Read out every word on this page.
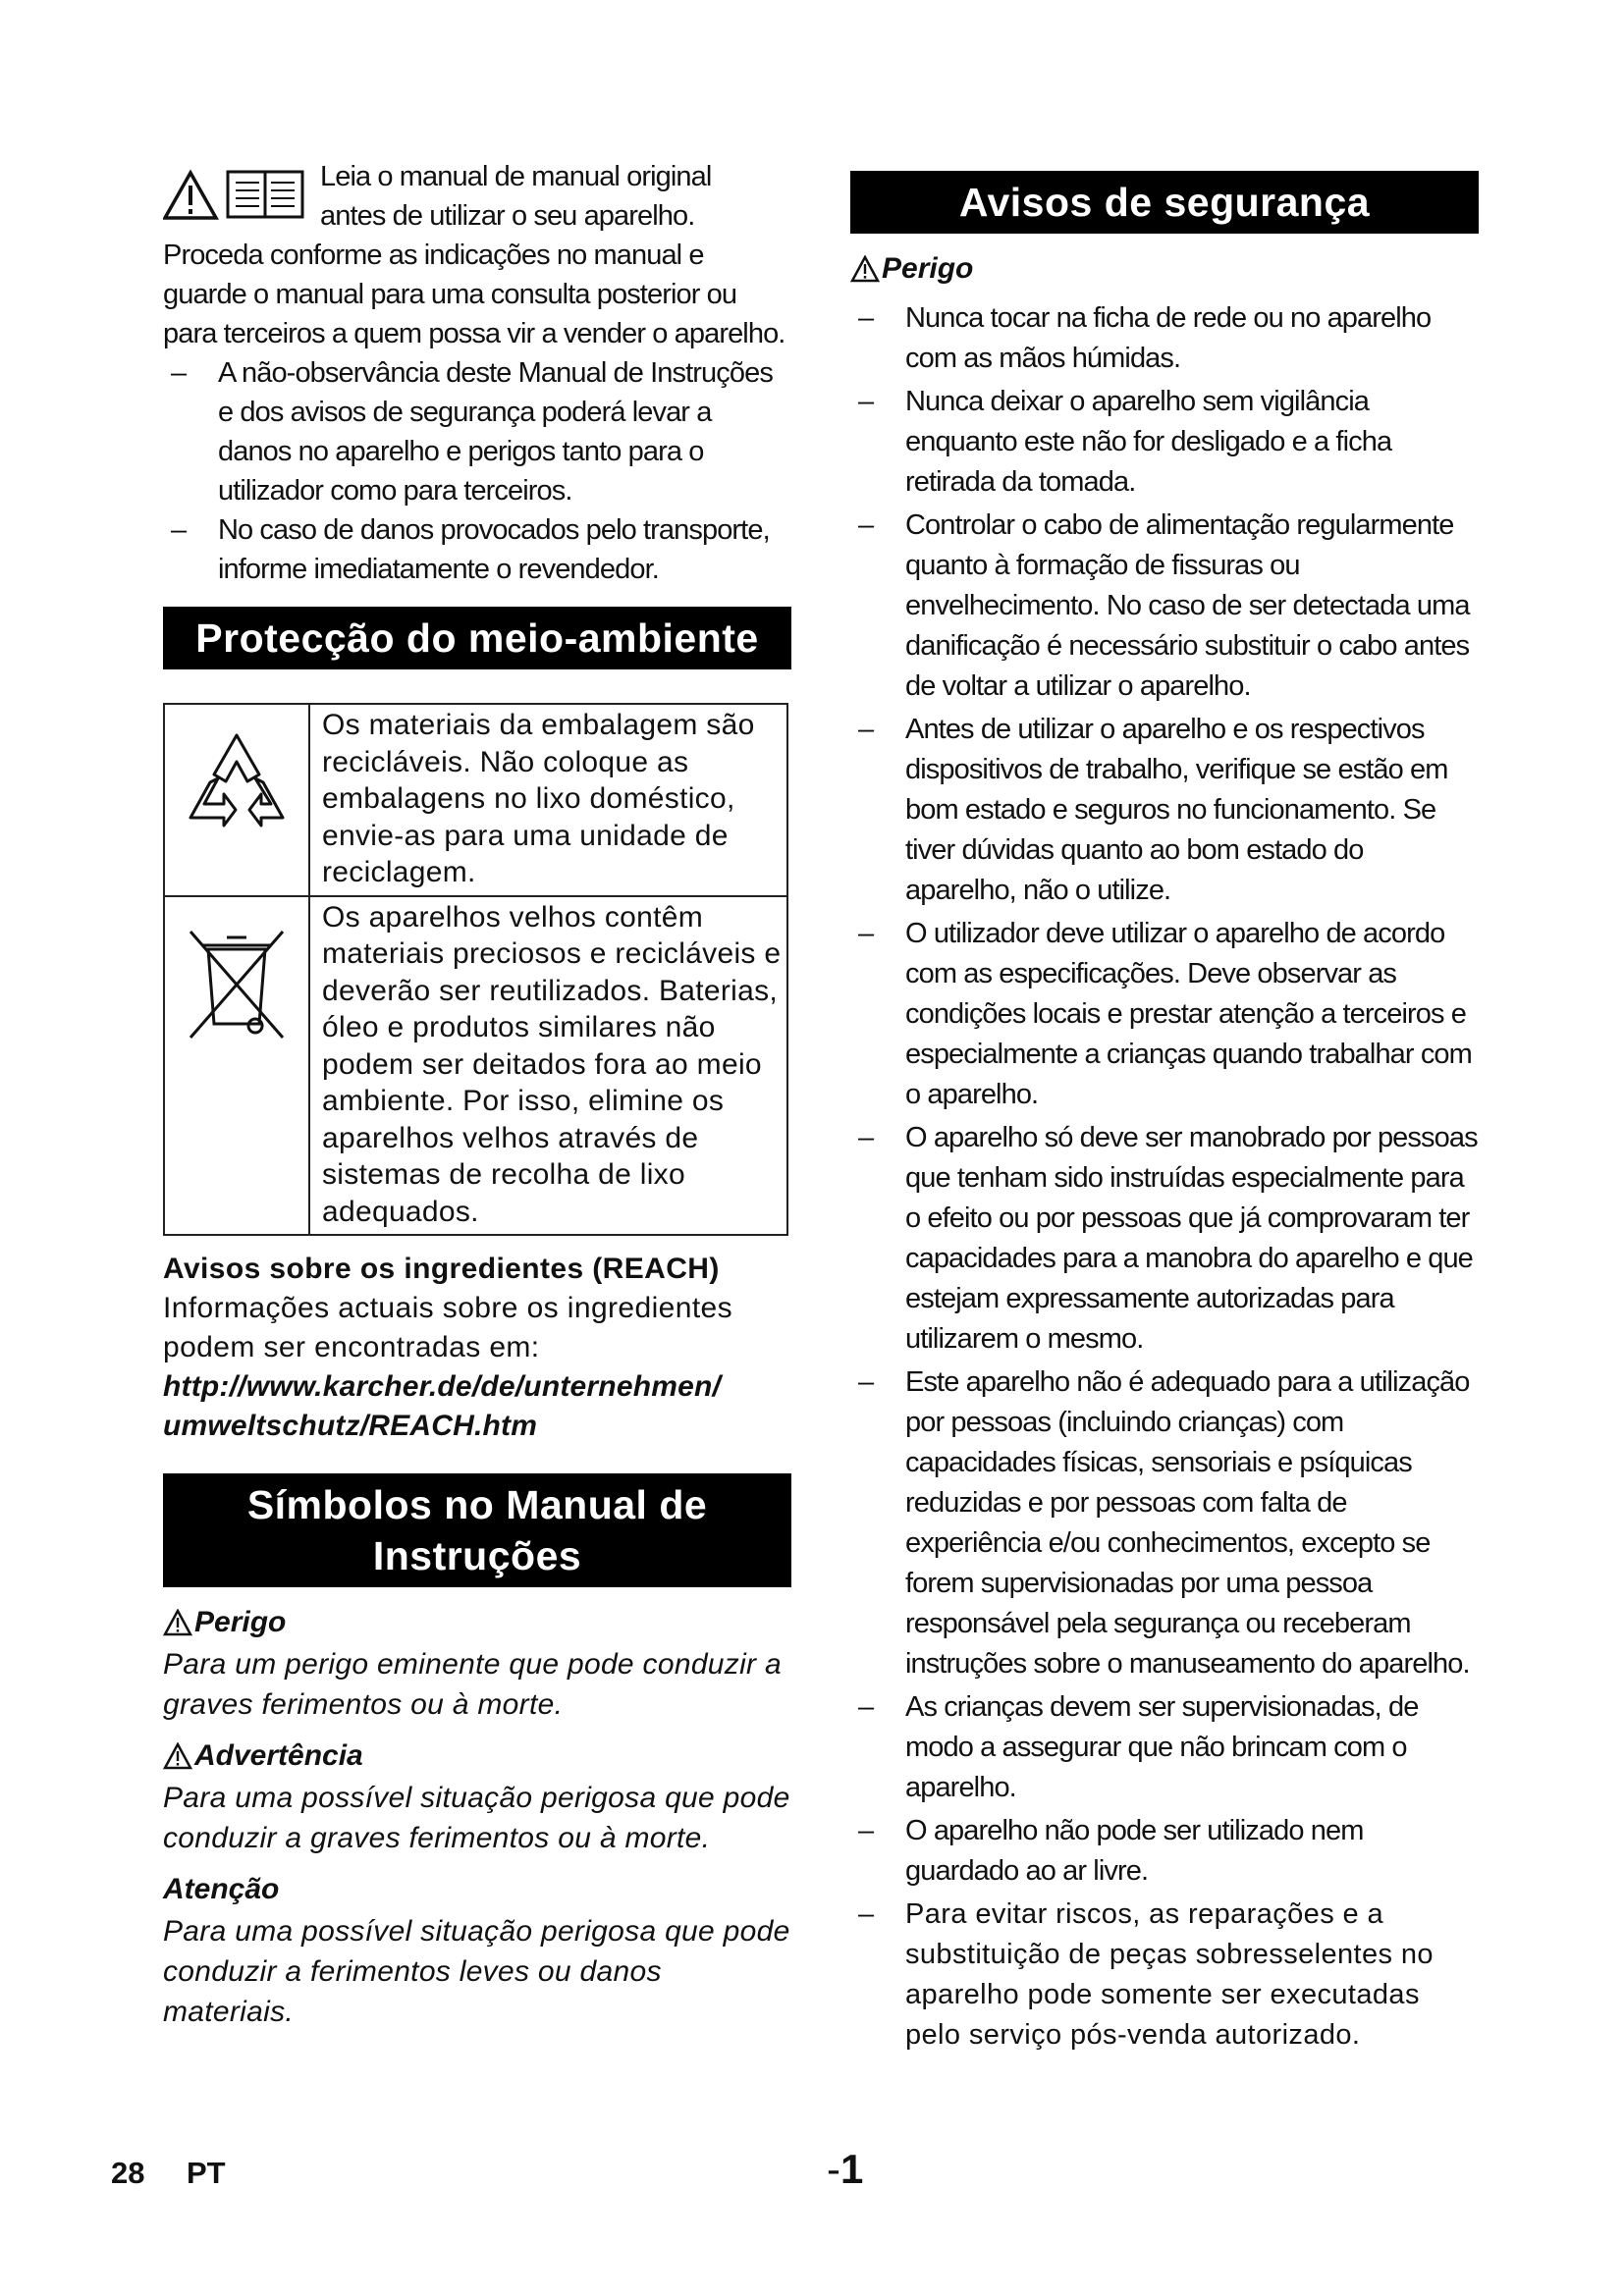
Leia o manual de manual original

antes de utilizar o seu aparelho.

Proceda conforme as indicações no manual e guarde o manual para uma consulta posterior ou para terceiros a quem possa vir a vender o aparelho.

– A não-observância deste Manual de Instruções e dos avisos de segurança poderá levar a danos no aparelho e perigos tanto para o utilizador como para terceiros.
– No caso de danos provocados pelo transporte, informe imediatamente o revendedor.
Protecção do meio-ambiente
	Os materiais da embalagem são recicláveis. Não coloque as embalagens no lixo doméstico, envie-as para uma unidade de reciclagem.
	Os aparelhos velhos contêm materiais preciosos e recicláveis e deverão ser reutilizados. Baterias, óleo e produtos similares não podem ser deitados fora ao meio ambiente. Por isso, elimine os aparelhos velhos através de sistemas de recolha de lixo adequados.

Avisos sobre os ingredientes (REACH)

Informações actuais sobre os ingredientes podem ser encontradas em:

http://www.karcher.de/de/unternehmen/

umweltschutz/REACH.htm

Símbolos no Manual de
Instruções
Perigo

Para um perigo eminente que pode conduzir a graves ferimentos ou à morte.

Advertência

Para uma possível situação perigosa que pode conduzir a graves ferimentos ou à morte.

Atenção

Para uma possível situação perigosa que pode conduzir a ferimentos leves ou danos materiais.

Avisos de segurança
Perigo
– Nunca tocar na ficha de rede ou no aparelho com as mãos húmidas.
– Nunca deixar o aparelho sem vigilância enquanto este não for desligado e a ficha retirada da tomada.
– Controlar o cabo de alimentação regularmente quanto à formação de fissuras ou envelhecimento. No caso de ser detectada uma danificação é necessário substituir o cabo antes de voltar a utilizar o aparelho.
– Antes de utilizar o aparelho e os respectivos dispositivos de trabalho, verifique se estão em bom estado e seguros no funcionamento. Se tiver dúvidas quanto ao bom estado do aparelho, não o utilize.
– O utilizador deve utilizar o aparelho de acordo com as especificações. Deve observar as condições locais e prestar atenção a terceiros e especialmente a crianças quando trabalhar com o aparelho.
– O aparelho só deve ser manobrado por pessoas que tenham sido instruídas especialmente para o efeito ou por pessoas que já comprovaram ter capacidades para a manobra do aparelho e que estejam expressamente autorizadas para utilizarem o mesmo.
– Este aparelho não é adequado para a utilização por pessoas (incluindo crianças) com capacidades físicas, sensoriais e psíquicas reduzidas e por pessoas com falta de experiência e/ou conhecimentos, excepto se forem supervisionadas por uma pessoa responsável pela segurança ou receberam instruções sobre o manuseamento do aparelho.
– As crianças devem ser supervisionadas, de modo a assegurar que não brincam com o aparelho.
– O aparelho não pode ser utilizado nem guardado ao ar livre.
– Para evitar riscos, as reparações e a substituição de peças sobresselentes no aparelho pode somente ser executadas pelo serviço pós-venda autorizado.
28 PT	-1
